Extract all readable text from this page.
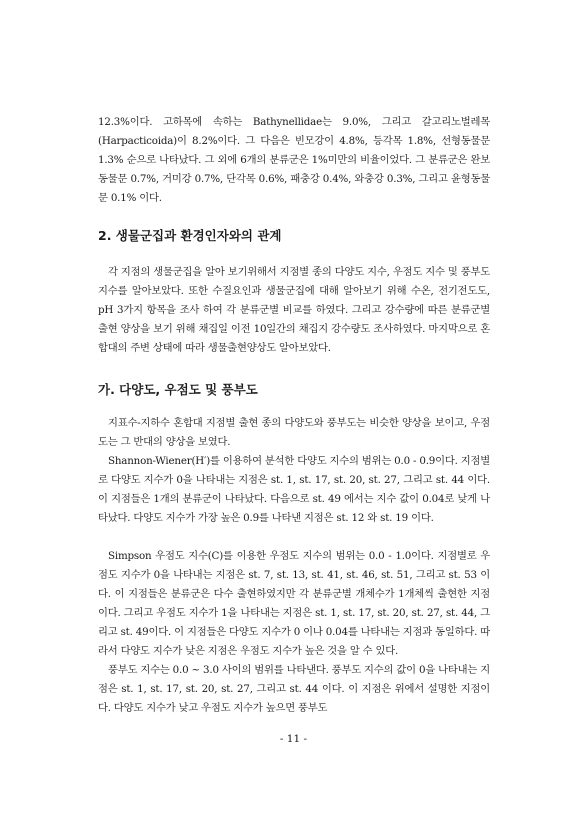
12.3%이다. 고하목에 속하는 Bathynellidae는 9.0%, 그리고 갈고리노벌레목(Harpacticoida)이 8.2%이다. 그 다음은 빈모강이 4.8%, 등각목 1.8%, 선형동물문 1.3% 순으로 나타났다. 그 외에 6개의 분류군은 1%미만의 비율이었다. 그 분류군은 완보동물문 0.7%, 거미강 0.7%, 단각목 0.6%, 패충강 0.4%, 와충강 0.3%, 그리고 윤형동물문 0.1% 이다.

2. 생물군집과 환경인자와의 관계

각 지점의 생물군집을 알아 보기위해서 지점별 종의 다양도 지수, 우점도 지수 및 풍부도 지수를 알아보았다. 또한 수질요인과 생물군집에 대해 알아보기 위해 수온, 전기전도도, pH 3가지 항목을 조사 하여 각 분류군별 비교를 하였다. 그리고 강수량에 따른 분류군별 출현 양상을 보기 위해 채집일 이전 10일간의 채집지 강수량도 조사하였다. 마지막으로 혼합대의 주변 상태에 따라 생물출현양상도 알아보았다.

가. 다양도, 우점도 및 풍부도

지표수-지하수 혼합대 지점별 출현 종의 다양도와 풍부도는 비슷한 양상을 보이고, 우점도는 그 반대의 양상을 보였다.

Shannon-Wiener(H′)를 이용하여 분석한 다양도 지수의 범위는 0.0 - 0.9이다. 지점별로 다양도 지수가 0을 나타내는 지점은 st. 1, st. 17, st. 20, st. 27, 그리고 st. 44 이다. 이 지점들은 1개의 분류군이 나타났다. 다음으로 st. 49 에서는 지수 값이 0.04로 낮게 나타났다. 다양도 지수가 가장 높은 0.9를 나타낸 지점은 st. 12 와 st. 19 이다.

Simpson 우점도 지수(C)를 이용한 우점도 지수의 범위는 0.0 - 1.0이다. 지점별로 우점도 지수가 0을 나타내는 지점은 st. 7, st. 13, st. 41, st. 46, st. 51, 그리고 st. 53 이다. 이 지점들은 분류군은 다수 출현하였지만 각 분류군별 개체수가 1개체씩 출현한 지점이다. 그리고 우점도 지수가 1을 나타내는 지점은 st. 1, st. 17, st. 20, st. 27, st. 44, 그리고 st. 49이다. 이 지점들은 다양도 지수가 0 이나 0.04를 나타내는 지점과 동일하다. 따라서 다양도 지수가 낮은 지점은 우점도 지수가 높은 것을 알 수 있다.

풍부도 지수는 0.0 ~ 3.0 사이의 범위를 나타낸다. 풍부도 지수의 값이 0을 나타내는 지점은 st. 1, st. 17, st. 20, st. 27, 그리고 st. 44 이다. 이 지점은 위에서 설명한 지점이다. 다양도 지수가 낮고 우점도 지수가 높으면 풍부도

- 11 -
